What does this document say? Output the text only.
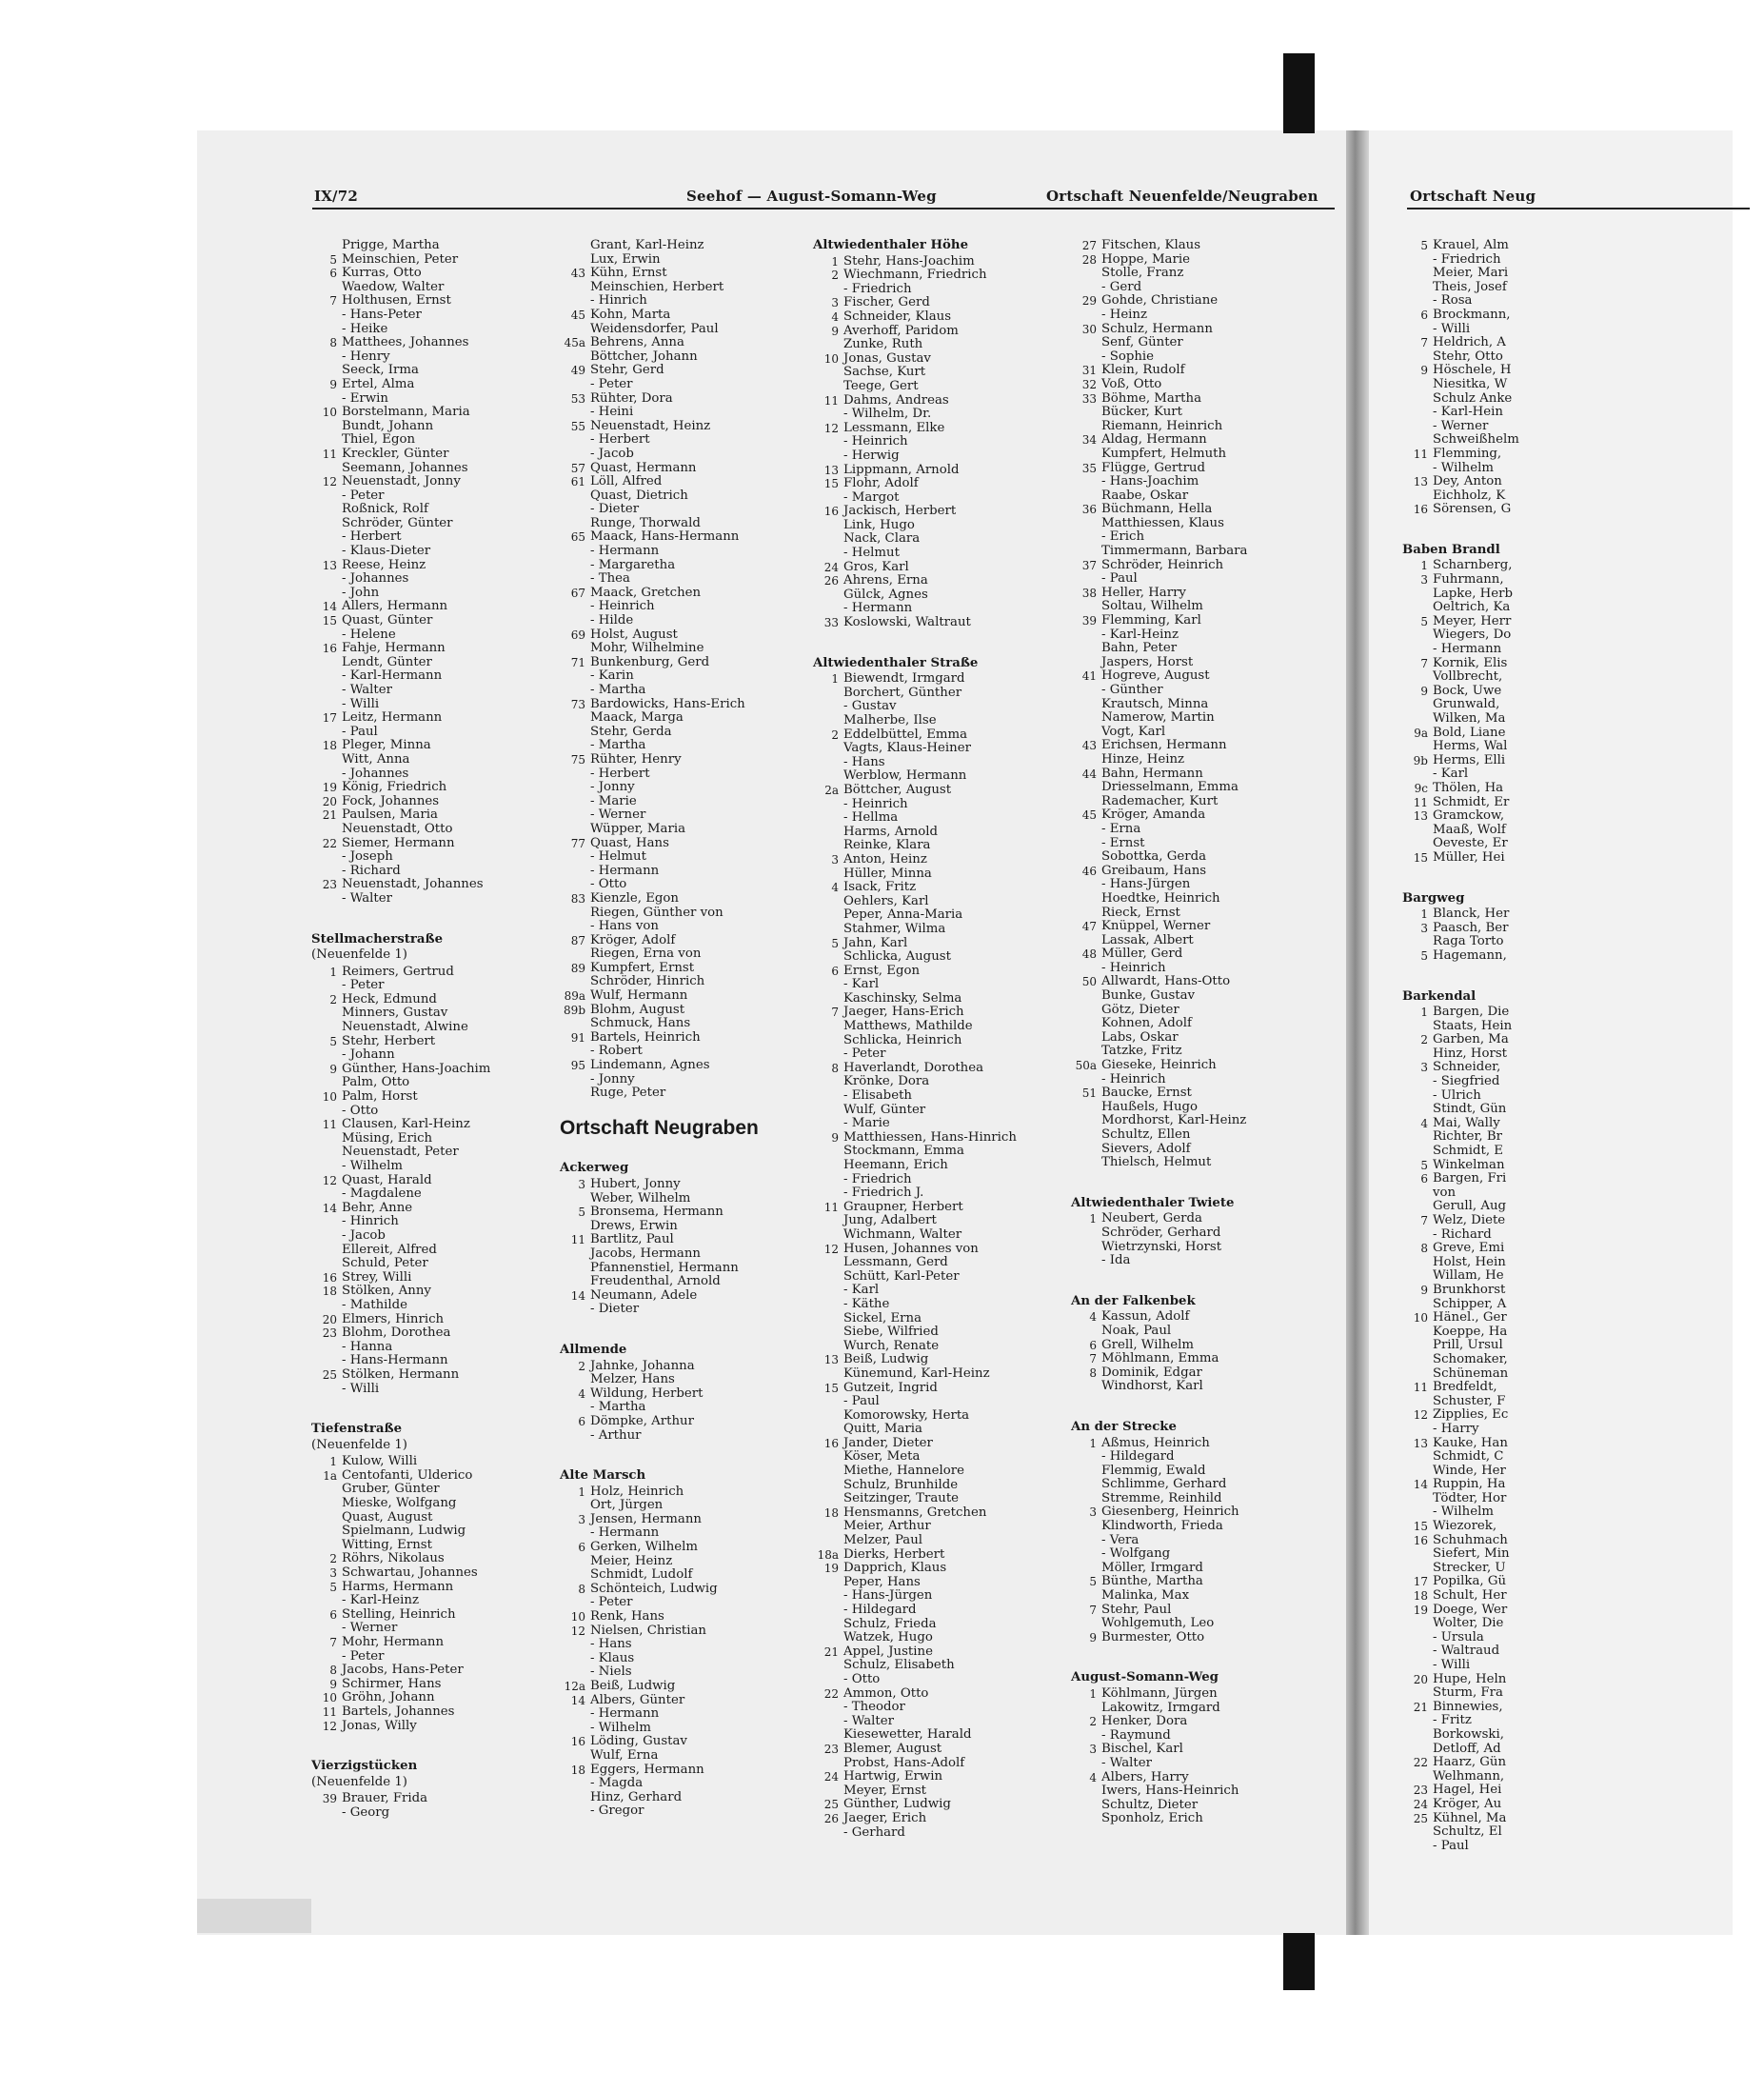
IX/72	Seehof — August-Somann-Weg	Ortschaft Neuenfelde/Neugraben
Prigge, Martha
5 Meinschien, Peter
6 Kurras, Otto
Waedow, Walter
7 Holthusen, Ernst
- Hans-Peter
- Heike
8 Matthees, Johannes
- Henry
Seeck, Irma
9 Ertel, Alma
- Erwin
10 Borstelmann, Maria
Bundt, Johann
Thiel, Egon
11 Kreckler, Günter
Seemann, Johannes
12 Neuenstadt, Jonny
- Peter
Roßnick, Rolf
Schröder, Günter
- Herbert
- Klaus-Dieter
13 Reese, Heinz
- Johannes
- John
14 Allers, Hermann
15 Quast, Günter
- Helene
16 Fahje, Hermann
Lendt, Günter
- Karl-Hermann
- Walter
- Willi
17 Leitz, Hermann
- Paul
18 Pleger, Minna
Witt, Anna
- Johannes
19 König, Friedrich
20 Fock, Johannes
21 Paulsen, Maria
Neuenstadt, Otto
22 Siemer, Hermann
- Joseph
- Richard
23 Neuenstadt, Johannes
- Walter
Stellmacherstraße
(Neuenfelde 1)
1 Reimers, Gertrud
- Peter
2 Heck, Edmund
Minners, Gustav
Neuenstadt, Alwine
5 Stehr, Herbert
- Johann
9 Günther, Hans-Joachim
Palm, Otto
10 Palm, Horst
- Otto
11 Clausen, Karl-Heinz
Müsing, Erich
Neuenstadt, Peter
- Wilhelm
12 Quast, Harald
- Magdalene
14 Behr, Anne
- Hinrich
- Jacob
Ellereit, Alfred
Schuld, Peter
16 Strey, Willi
18 Stölken, Anny
- Mathilde
20 Elmers, Hinrich
23 Blohm, Dorothea
- Hanna
- Hans-Hermann
25 Stölken, Hermann
- Willi
Tiefenstraße
(Neuenfelde 1)
1 Kulow, Willi
1a Centofanti, Ulderico
Gruber, Günter
Mieske, Wolfgang
Quast, August
Spielmann, Ludwig
Witting, Ernst
2 Röhrs, Nikolaus
3 Schwartau, Johannes
5 Harms, Hermann
- Karl-Heinz
6 Stelling, Heinrich
- Werner
7 Mohr, Hermann
- Peter
8 Jacobs, Hans-Peter
9 Schirmer, Hans
10 Gröhn, Johann
11 Bartels, Johannes
12 Jonas, Willy
Vierzigstücken
(Neuenfelde 1)
39 Brauer, Frida
- Georg
Grant, Karl-Heinz
Lux, Erwin
43 Kühn, Ernst
Meinschien, Herbert
- Hinrich
45 Kohn, Marta
Weidensdorfer, Paul
45a Behrens, Anna
Böttcher, Johann
49 Stehr, Gerd
- Peter
53 Rühter, Dora
- Heini
55 Neuenstadt, Heinz
- Herbert
- Jacob
57 Quast, Hermann
61 Löll, Alfred
Quast, Dietrich
- Dieter
Runge, Thorwald
65 Maack, Hans-Hermann
- Hermann
- Margaretha
- Thea
67 Maack, Gretchen
- Heinrich
- Hilde
69 Holst, August
Mohr, Wilhelmine
71 Bunkenburg, Gerd
- Karin
- Martha
73 Bardowicks, Hans-Erich
Maack, Marga
Stehr, Gerda
- Martha
75 Rühter, Henry
- Herbert
- Jonny
- Marie
- Werner
Wüpper, Maria
77 Quast, Hans
- Helmut
- Hermann
- Otto
83 Kienzle, Egon
Riegen, Günther von
- Hans von
87 Kröger, Adolf
Riegen, Erna von
89 Kumpfert, Ernst
Schröder, Hinrich
89a Wulf, Hermann
89b Blohm, August
Schmuck, Hans
91 Bartels, Heinrich
- Robert
95 Lindemann, Agnes
- Jonny
Ruge, Peter
Ortschaft Neugraben
Ackerweg
3 Hubert, Jonny
Weber, Wilhelm
5 Bronsema, Hermann
Drews, Erwin
11 Bartlitz, Paul
Jacobs, Hermann
Pfannenstiel, Hermann
Freudenthal, Arnold
14 Neumann, Adele
- Dieter
Allmende
2 Jahnke, Johanna
Melzer, Hans
4 Wildung, Herbert
- Martha
6 Dömpke, Arthur
- Arthur
Alte Marsch
1 Holz, Heinrich
Ort, Jürgen
3 Jensen, Hermann
- Hermann
6 Gerken, Wilhelm
Meier, Heinz
Schmidt, Ludolf
8 Schönteich, Ludwig
- Peter
10 Renk, Hans
12 Nielsen, Christian
- Hans
- Klaus
- Niels
12a Beiß, Ludwig
14 Albers, Günter
- Hermann
- Wilhelm
16 Löding, Gustav
Wulf, Erna
18 Eggers, Hermann
- Magda
Hinz, Gerhard
- Gregor
Altwiedenthaler Höhe
1 Stehr, Hans-Joachim
2 Wiechmann, Friedrich
- Friedrich
3 Fischer, Gerd
4 Schneider, Klaus
9 Averhoff, Paridom
Zunke, Ruth
10 Jonas, Gustav
Sachse, Kurt
Teege, Gert
11 Dahms, Andreas
- Wilhelm, Dr.
12 Lessmann, Elke
- Heinrich
- Herwig
13 Lippmann, Arnold
15 Flohr, Adolf
- Margot
16 Jackisch, Herbert
Link, Hugo
Nack, Clara
- Helmut
24 Gros, Karl
26 Ahrens, Erna
Gülck, Agnes
- Hermann
33 Koslowski, Waltraut
Altwiedenthaler Straße
1 Biewendt, Irmgard
Borchert, Günther
- Gustav
Malherbe, Ilse
2 Eddelbüttel, Emma
Vagts, Klaus-Heiner
- Hans
Werblow, Hermann
2a Böttcher, August
- Heinrich
- Hellma
Harms, Arnold
Reinke, Klara
3 Anton, Heinz
Hüller, Minna
4 Isack, Fritz
Oehlers, Karl
Peper, Anna-Maria
Stahmer, Wilma
5 Jahn, Karl
Schlicka, August
6 Ernst, Egon
- Karl
Kaschinsky, Selma
7 Jaeger, Hans-Erich
Matthews, Mathilde
Schlicka, Heinrich
- Peter
8 Haverlandt, Dorothea
Krönke, Dora
- Elisabeth
Wulf, Günter
- Marie
9 Matthiessen, Hans-Hinrich
Stockmann, Emma
Heemann, Erich
- Friedrich
- Friedrich J.
11 Graupner, Herbert
Jung, Adalbert
Wichmann, Walter
12 Husen, Johannes von
Lessmann, Gerd
Schütt, Karl-Peter
- Karl
- Käthe
Sickel, Erna
Siebe, Wilfried
Wurch, Renate
13 Beiß, Ludwig
Künemund, Karl-Heinz
15 Gutzeit, Ingrid
- Paul
Komorowsky, Herta
Quitt, Maria
16 Jander, Dieter
Köser, Meta
Miethe, Hannelore
Schulz, Brunhilde
Seitzinger, Traute
18 Hensmanns, Gretchen
Meier, Arthur
Melzer, Paul
18a Dierks, Herbert
19 Dapprich, Klaus
Peper, Hans
- Hans-Jürgen
- Hildegard
Schulz, Frieda
Watzek, Hugo
21 Appel, Justine
Schulz, Elisabeth
- Otto
22 Ammon, Otto
- Theodor
- Walter
Kiesewetter, Harald
23 Blemer, August
Probst, Hans-Adolf
24 Hartwig, Erwin
Meyer, Ernst
25 Günther, Ludwig
26 Jaeger, Erich
- Gerhard
27 Fitschen, Klaus
28 Hoppe, Marie
Stolle, Franz
- Gerd
29 Gohde, Christiane
- Heinz
30 Schulz, Hermann
Senf, Günter
- Sophie
31 Klein, Rudolf
32 Voß, Otto
33 Böhme, Martha
Bücker, Kurt
Riemann, Heinrich
34 Aldag, Hermann
Kumpfert, Helmuth
35 Flügge, Gertrud
- Hans-Joachim
Raabe, Oskar
36 Büchmann, Hella
Matthiessen, Klaus
- Erich
Timmermann, Barbara
37 Schröder, Heinrich
- Paul
38 Heller, Harry
Soltau, Wilhelm
39 Flemming, Karl
- Karl-Heinz
Bahn, Peter
Jaspers, Horst
41 Hogreve, August
- Günther
Krautsch, Minna
Namerow, Martin
Vogt, Karl
43 Erichsen, Hermann
Hinze, Heinz
44 Bahn, Hermann
Driesselmann, Emma
Rademacher, Kurt
45 Kröger, Amanda
- Erna
- Ernst
Sobottka, Gerda
46 Greibaum, Hans
- Hans-Jürgen
Hoedtke, Heinrich
Rieck, Ernst
47 Knüppel, Werner
Lassak, Albert
48 Müller, Gerd
- Heinrich
50 Allwardt, Hans-Otto
Bunke, Gustav
Götz, Dieter
Kohnen, Adolf
Labs, Oskar
Tatzke, Fritz
50a Gieseke, Heinrich
- Heinrich
51 Baucke, Ernst
Haußels, Hugo
Mordhorst, Karl-Heinz
Schultz, Ellen
Sievers, Adolf
Thielsch, Helmut
Altwiedenthaler Twiete
1 Neubert, Gerda
Schröder, Gerhard
Wietrzynski, Horst
- Ida
An der Falkenbek
4 Kassun, Adolf
Noak, Paul
6 Grell, Wilhelm
7 Möhlmann, Emma
8 Dominik, Edgar
Windhorst, Karl
An der Strecke
1 Aßmus, Heinrich
- Hildegard
Flemmig, Ewald
Schlimme, Gerhard
Stremme, Reinhild
3 Giesenberg, Heinrich
Klindworth, Frieda
- Vera
- Wolfgang
Möller, Irmgard
5 Bünthe, Martha
Malinka, Max
7 Stehr, Paul
Wohlgemuth, Leo
9 Burmester, Otto
August-Somann-Weg
1 Köhlmann, Jürgen
Lakowitz, Irmgard
2 Henker, Dora
- Raymund
3 Bischel, Karl
- Walter
4 Albers, Harry
Iwers, Hans-Heinrich
Schultz, Dieter
Sponholz, Erich
Ortschaft Neug
5 Krauel, Alm
- Friedrich
Meier, Mari
Theis, Josef
- Rosa
6 Brockmann,
- Willi
7 Heldrich, A
Stehr, Otto
9 Höschele, H
Niesitka, W
Schulz Anke
- Karl-Hein
- Werner
Schweißhelm
11 Flemming,
- Wilhelm
13 Dey, Anton
Eichholz, K
16 Sörensen, G
Baben Brandl
1 Scharnberg,
3 Fuhrmann,
Lapke, Herb
Oeltrich, Ka
5 Meyer, Herr
Wiegers, Do
- Hermann
7 Kornik, Elis
Vollbrecht,
9 Bock, Uwe
Grunwald,
Wilken, Ma
9a Bold, Liane
Herms, Wal
9b Herms, Elli
- Karl
9c Thölen, Ha
11 Schmidt, Er
13 Gramckow,
Maaß, Wolf
Oeveste, Er
15 Müller, Hei
Bargweg
1 Blanck, Her
3 Paasch, Ber
Raga Torto
5 Hagemann,
Barkendal
1 Bargen, Die
Staats, Hein
2 Garben, Ma
Hinz, Horst
3 Schneider,
- Siegfried
- Ulrich
Stindt, Gün
4 Mai, Wally
Richter, Br
Schmidt, E
5 Winkelman
6 Bargen, Fri
von
Gerull, Aug
7 Welz, Diete
- Richard
8 Greve, Emi
Holst, Hein
Willam, He
9 Brunkhorst
Schipper, A
10 Hänel., Ger
Koeppe, Ha
Prill, Ursul
Schomaker,
Schüneman
11 Bredfeldt,
Schuster, F
12 Zipplies, Ec
- Harry
13 Kauke, Han
Schmidt, C
Winde, Her
14 Ruppin, Ha
Tödter, Hor
- Wilhelm
15 Wiezorek,
16 Schuhmach
Siefert, Min
Strecker, U
17 Popilka, Gü
18 Schult, Her
19 Doege, Wer
Wolter, Die
- Ursula
- Waltraud
- Willi
20 Hupe, Heln
Sturm, Fra
21 Binnewies,
- Fritz
Borkowski,
Detloff, Ad
22 Haarz, Gün
Welhmann,
23 Hagel, Hei
24 Kröger, Au
25 Kühnel, Ma
Schultz, El
- Paul
